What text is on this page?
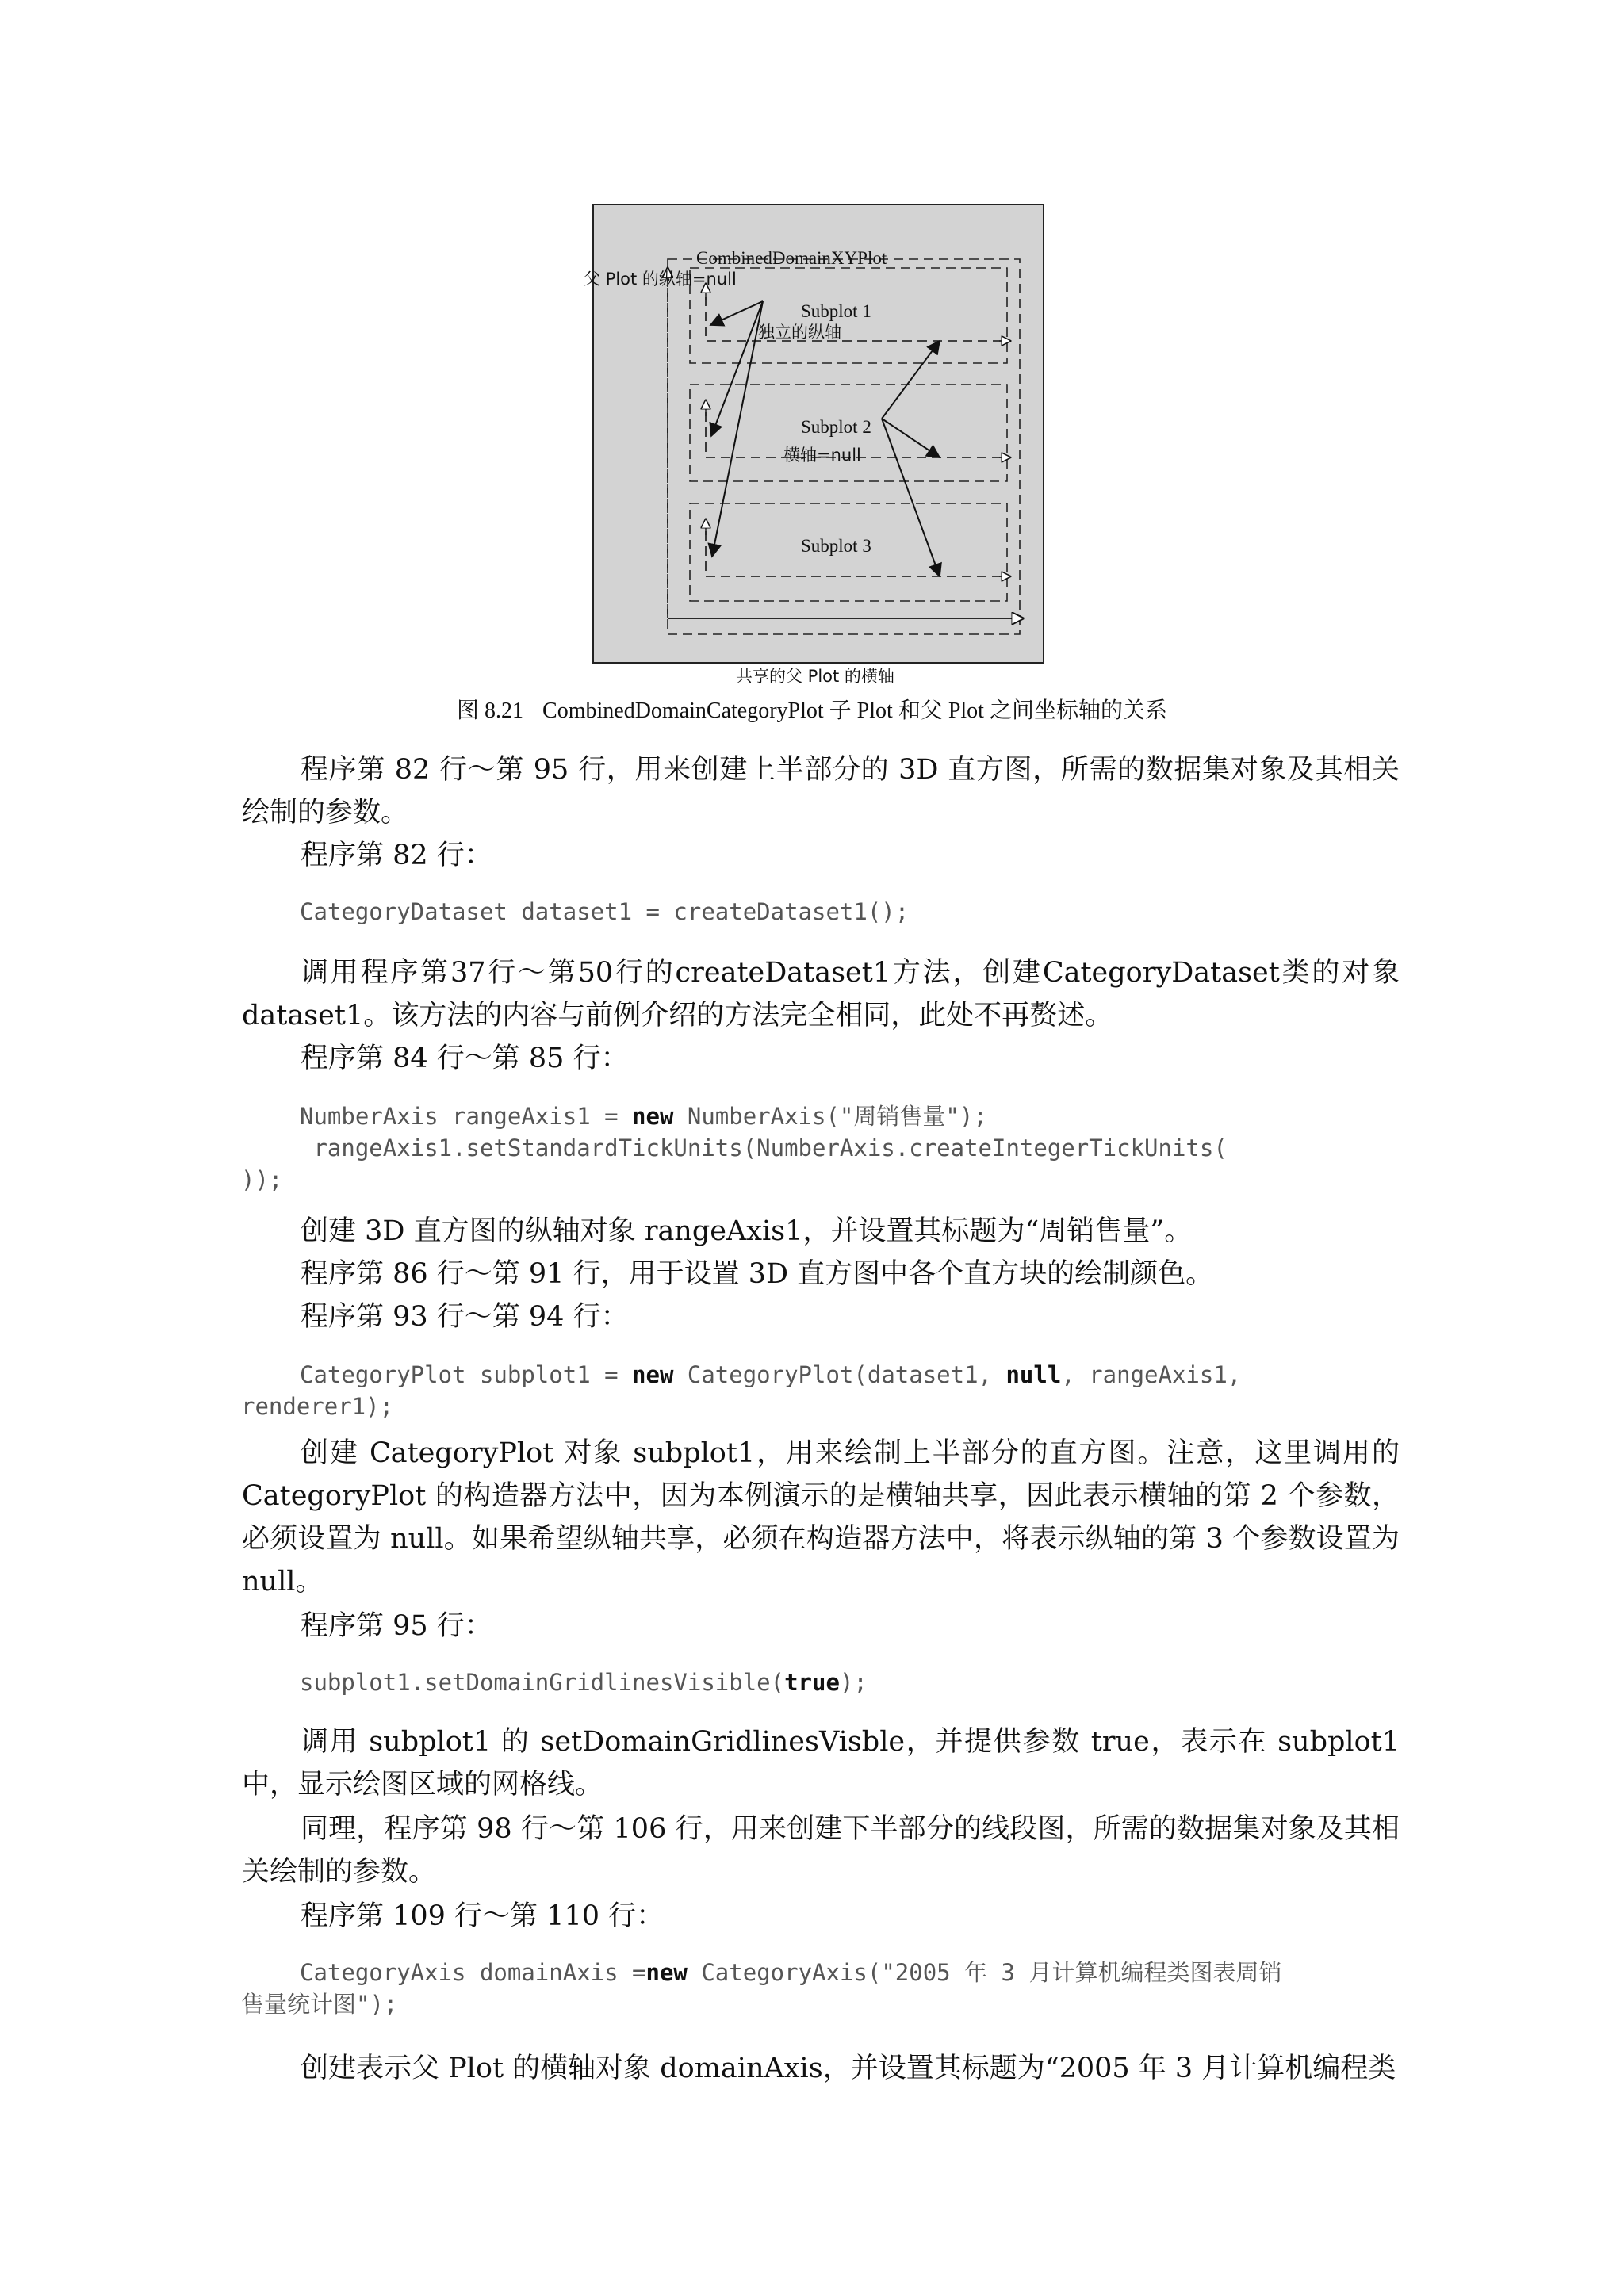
CombinedDomainXYPlot
父 Plot 的纵轴=null
Subplot 1
独立的纵轴
Subplot 2
横轴=null
Subplot 3
共享的父 Plot 的横轴
图 8.21 CombinedDomainCategoryPlot 子 Plot 和父 Plot 之间坐标轴的关系

程序第 82 行～第 95 行，用来创建上半部分的 3D 直方图，所需的数据集对象及其相关绘制的参数。

程序第 82 行：

CategoryDataset dataset1 = createDataset1();

调用程序第37行～第50行的createDataset1方法，创建CategoryDataset类的对象dataset1。该方法的内容与前例介绍的方法完全相同，此处不再赘述。

程序第 84 行～第 85 行：

NumberAxis rangeAxis1 = new NumberAxis("周销售量");
rangeAxis1.setStandardTickUnits(NumberAxis.createIntegerTickUnits(
));

创建 3D 直方图的纵轴对象 rangeAxis1，并设置其标题为“周销售量”。

程序第 86 行～第 91 行，用于设置 3D 直方图中各个直方块的绘制颜色。

程序第 93 行～第 94 行：

CategoryPlot subplot1 = new CategoryPlot(dataset1, null, rangeAxis1,
renderer1);

创建 CategoryPlot 对象 subplot1，用来绘制上半部分的直方图。注意，这里调用的CategoryPlot 的构造器方法中，因为本例演示的是横轴共享，因此表示横轴的第 2 个参数，必须设置为 null。如果希望纵轴共享，必须在构造器方法中，将表示纵轴的第 3 个参数设置为 null。

程序第 95 行：

subplot1.setDomainGridlinesVisible(true);

调用 subplot1 的 setDomainGridlinesVisble，并提供参数 true，表示在 subplot1 中，显示绘图区域的网格线。

同理，程序第 98 行～第 106 行，用来创建下半部分的线段图，所需的数据集对象及其相关绘制的参数。

程序第 109 行～第 110 行：

CategoryAxis domainAxis =new CategoryAxis("2005 年 3 月计算机编程类图表周销
售量统计图");

创建表示父 Plot 的横轴对象 domainAxis，并设置其标题为“2005 年 3 月计算机编程类
